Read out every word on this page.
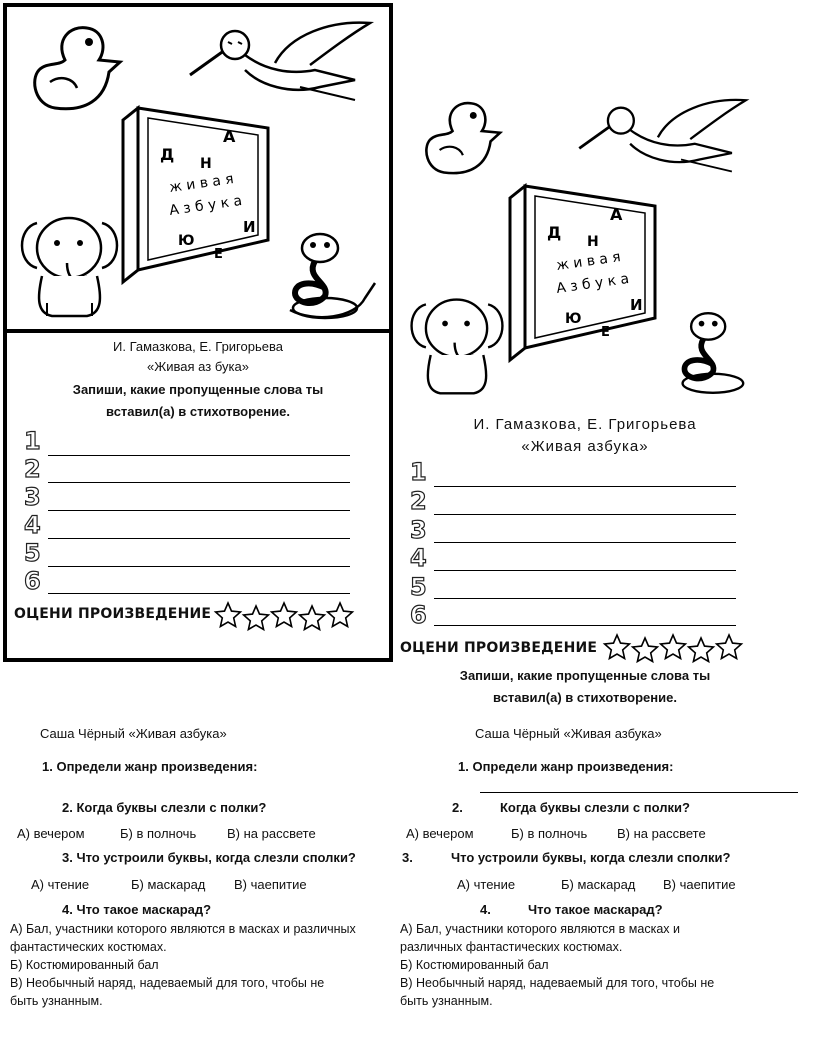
А
Д Н
ж и в а я
А з б у к а
Ю
И
Е
И. Гамазкова, Е. Григорьева
«Живая аз бука»
Запиши, какие пропущенные слова ты
вставил(а) в стихотворение.
1
2
3
4
5
6
ОЦЕНИ ПРОИЗВЕДЕНИЕ
А
Д Н
ж и в а я
А з б у к а
Ю
И
Е
И. Гамазкова, Е. Григорьева
«Живая азбука»
1
2
3
4
5
6
ОЦЕНИ ПРОИЗВЕДЕНИЕ
Запиши, какие пропущенные слова ты
вставил(а) в стихотворение.
Саша Чёрный «Живая азбука»
1. Определи жанр произведения:
2. Когда буквы слезли с полки?
А) вечером	Б) в полночь В) на рассвете
3. Что устроили буквы, когда слезли сполки?
А) чтение	Б) маскарад В) чаепитие
4. Что такое маскарад?
А) Бал, участники которого являются в масках и различных
фантастических костюмах.
Б) Костюмированный бал
В) Необычный наряд, надеваемый для того, чтобы не
быть узнанным.
Саша Чёрный «Живая азбука»
1. Определи жанр произведения:
2.	Когда буквы слезли с полки?
А) вечером	Б) в полночь В) на рассвете
3.	Что устроили буквы, когда слезли сполки?
А) чтение	Б) маскарад В) чаепитие
4.	Что такое маскарад?
А) Бал, участники которого являются в масках и
различных фантастических костюмах.
Б) Костюмированный бал
В) Необычный наряд, надеваемый для того, чтобы не
быть узнанным.
